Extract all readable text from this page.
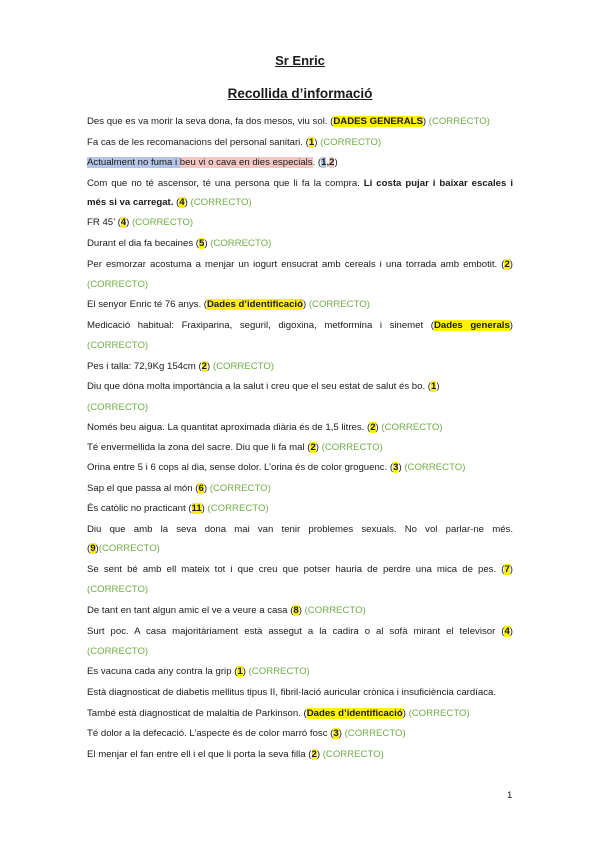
Sr Enric
Recollida d’informació
Des que es va morir la seva dona, fa dos mesos, viu sol. (DADES GENERALS) (CORRECTO)
Fa cas de les recomanacions del personal sanitari. (1) (CORRECTO)
Actualment no fuma i beu vi o cava en dies especials. (1,2)
Com que no té ascensor, té una persona que li fa la compra. Li costa pujar i baixar escales i
més si va carregat. (4) (CORRECTO)
FR 45’ (4) (CORRECTO)
Durant el dia fa becaines (5) (CORRECTO)
Per esmorzar acostuma a menjar un iogurt ensucrat amb cereals i una torrada amb embotit. (2)
(CORRECTO)
El senyor Enric té 76 anys. (Dades d’identificació) (CORRECTO)
Medicació habitual: Fraxiparina, seguril, digoxina, metformina i sinemet (Dades generals)
(CORRECTO)
Pes i talla: 72,9Kg 154cm (2) (CORRECTO)
Diu que dóna molta importància a la salut i creu que el seu estat de salut és bo. (1)
(CORRECTO)
Només beu aigua. La quantitat aproximada diària és de 1,5 litres. (2) (CORRECTO)
Té envermellida la zona del sacre. Diu que li fa mal (2) (CORRECTO)
Orina entre 5 i 6 cops al dia, sense dolor. L’orina és de color groguenc. (3) (CORRECTO)
Sap el que passa al món (6) (CORRECTO)
És catòlic no practicant (11) (CORRECTO)
Diu que amb la seva dona mai van tenir problemes sexuals. No vol parlar-ne més.
(9)(CORRECTO)
Se sent bé amb ell mateix tot i que creu que potser hauria de perdre una mica de pes. (7)
(CORRECTO)
De tant en tant algun amic el ve a veure a casa (8) (CORRECTO)
Surt poc. A casa majoritàriament està assegut a la cadira o al sofà mirant el televisor (4)
(CORRECTO)
Es vacuna cada any contra la grip (1) (CORRECTO)
Està diagnosticat de diabetis mellitus tipus II, fibril·lació auricular crònica i insuficiència cardíaca.
També està diagnosticat de malaltia de Parkinson. (Dades d’identificació) (CORRECTO)
Té dolor a la defecació. L’aspecte és de color marró fosc (3) (CORRECTO)
El menjar el fan entre ell i el que li porta la seva filla (2) (CORRECTO)
1
